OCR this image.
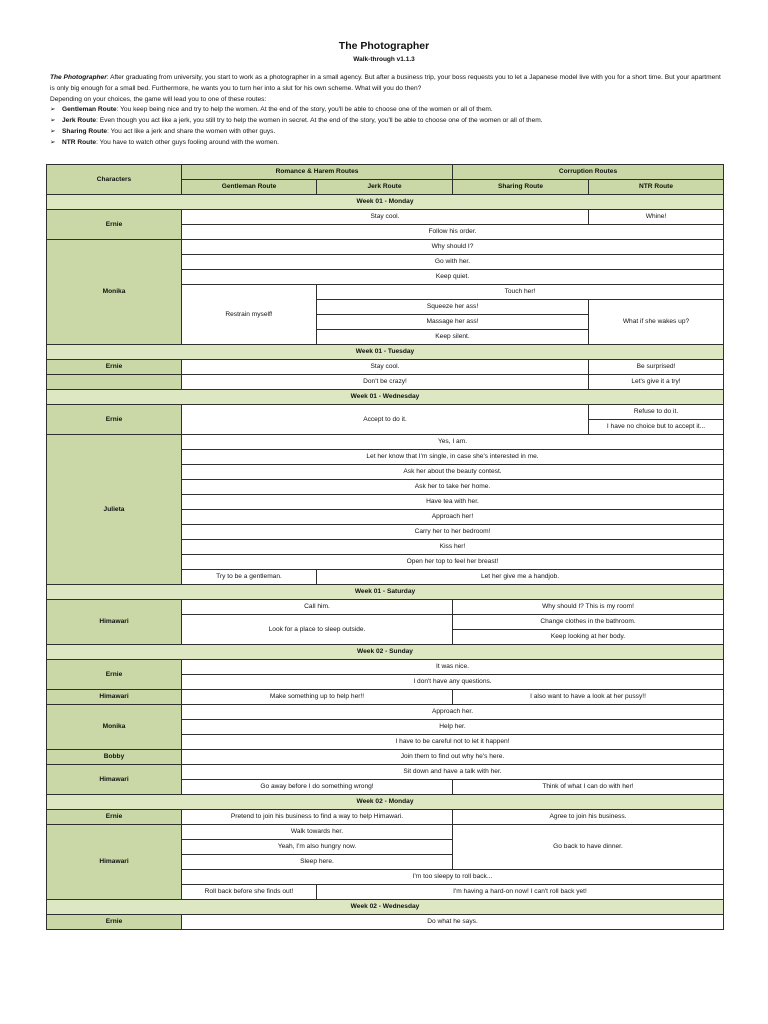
The Photographer
Walk-through v1.1.3

The Photographer: After graduating from university, you start to work as a photographer in a small agency. But after a business trip, your boss requests you to let a Japanese model live with you for a short time. But your apartment is only big enough for a small bed. Furthermore, he wants you to turn her into a slut for his own scheme. What will you do then?

Depending on your choices, the game will lead you to one of these routes:

➢ Gentleman Route: You keep being nice and try to help the women. At the end of the story, you'll be able to choose one of the women or all of them.
➢ Jerk Route: Even though you act like a jerk, you still try to help the women in secret. At the end of the story, you'll be able to choose one of the women or all of them.
➢ Sharing Route: You act like a jerk and share the women with other guys.
➢ NTR Route: You have to watch other guys fooling around with the women.
Characters	Romance & Harem Routes		Corruption Routes	
	Gentleman Route	Jerk Route	Sharing Route	NTR Route
Week 01 - Monday				
Ernie	Stay cool.			Whine!
	Follow his order.			
Monika	Why should I?			
	Go with her.			
	Keep quiet.			
	Restrain myself!	Touch her!		
		Squeeze her ass!		What if she wakes up?
		Massage her ass!		
		Keep silent.		
Week 01 - Tuesday				
Ernie	Stay cool.			Be surprised!
	Don't be crazy!			Let's give it a try!
Week 01 - Wednesday				
Ernie	Accept to do it.			Refuse to do it.
				I have no choice but to accept it...
Julieta	Yes, I am.			
	Let her know that I'm single, in case she's interested in me.			
	Ask her about the beauty contest.			
	Ask her to take her home.			
	Have tea with her.			
	Approach her!			
	Carry her to her bedroom!			
	Kiss her!			
	Open her top to feel her breast!			
	Try to be a gentleman.	Let her give me a handjob.		
Week 01 - Saturday				
Himawari	Call him.		Why should I? This is my room!	
	Look for a place to sleep outside.		Change clothes in the bathroom.	
			Keep looking at her body.	
Week 02 - Sunday				
Ernie	It was nice.			
	I don't have any questions.			
Himawari	Make something up to help her!!		I also want to have a look at her pussy!!	
Monika	Approach her.			
	Help her.			
	I have to be careful not to let it happen!			
Bobby	Join them to find out why he's here.			
Himawari	Sit down and have a talk with her.			
	Go away before I do something wrong!		Think of what I can do with her!	
Week 02 - Monday				
Ernie	Pretend to join his business to find a way to help Himawari.		Agree to join his business.	
Himawari	Walk towards her.		Go back to have dinner.	
	Yeah, I'm also hungry now.			
	Sleep here.			
	I'm too sleepy to roll back...			
	Roll back before she finds out!	I'm having a hard-on now! I can't roll back yet!		
Week 02 - Wednesday				
Ernie	Do what he says.			
